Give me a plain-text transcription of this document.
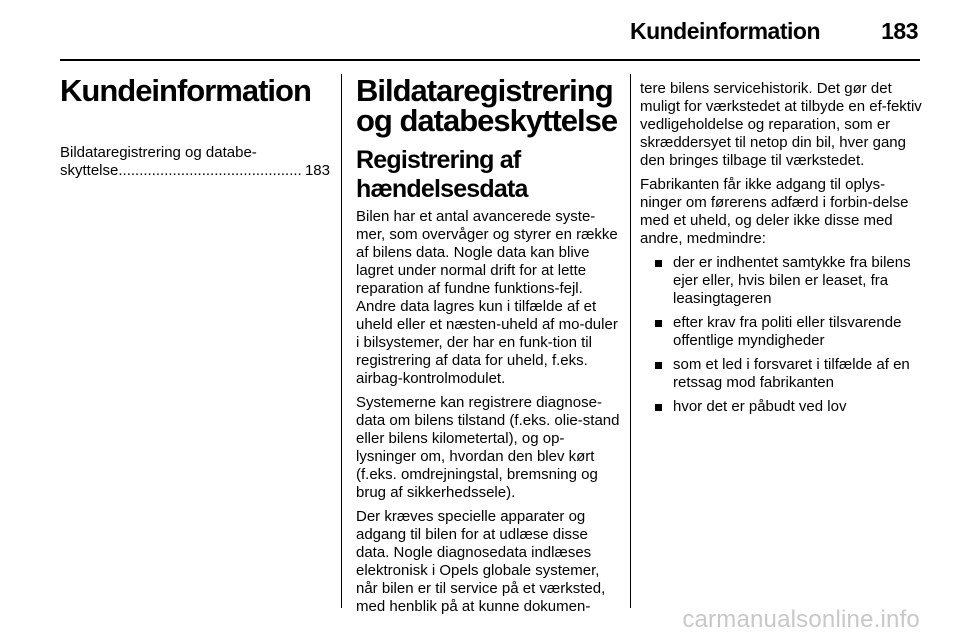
Kundeinformation	183
Kundeinformation
Bildataregistrering og databe-
skyttelse
.....	183
Bildataregistrering og databeskyttelse
Registrering af hændelsesdata

Bilen har et antal avancerede syste-mer, som overvåger og styrer en række af bilens data. Nogle data kan blive lagret under normal drift for at lette reparation af fundne funktions-fejl. Andre data lagres kun i tilfælde af et uheld eller et næsten-uheld af mo-duler i bilsystemer, der har en funk-tion til registrering af data for uheld, f.eks. airbag-kontrolmodulet.

Systemerne kan registrere diagnose-data om bilens tilstand (f.eks. olie-stand eller bilens kilometertal), og op-lysninger om, hvordan den blev kørt (f.eks. omdrejningstal, bremsning og brug af sikkerhedssele).

Der kræves specielle apparater og adgang til bilen for at udlæse disse data. Nogle diagnosedata indlæses elektronisk i Opels globale systemer, når bilen er til service på et værksted, med henblik på at kunne dokumen-

tere bilens servicehistorik. Det gør det muligt for værkstedet at tilbyde en ef-fektiv vedligeholdelse og reparation, som er skræddersyet til netop din bil, hver gang den bringes tilbage til værkstedet.

Fabrikanten får ikke adgang til oplys-ninger om førerens adfærd i forbin-delse med et uheld, og deler ikke disse med andre, medmindre:

der er indhentet samtykke fra bilens ejer eller, hvis bilen er leaset, fra leasingtageren
efter krav fra politi eller tilsvarende offentlige myndigheder
som et led i forsvaret i tilfælde af en retssag mod fabrikanten
hvor det er påbudt ved lov
carmanualsonline.info
